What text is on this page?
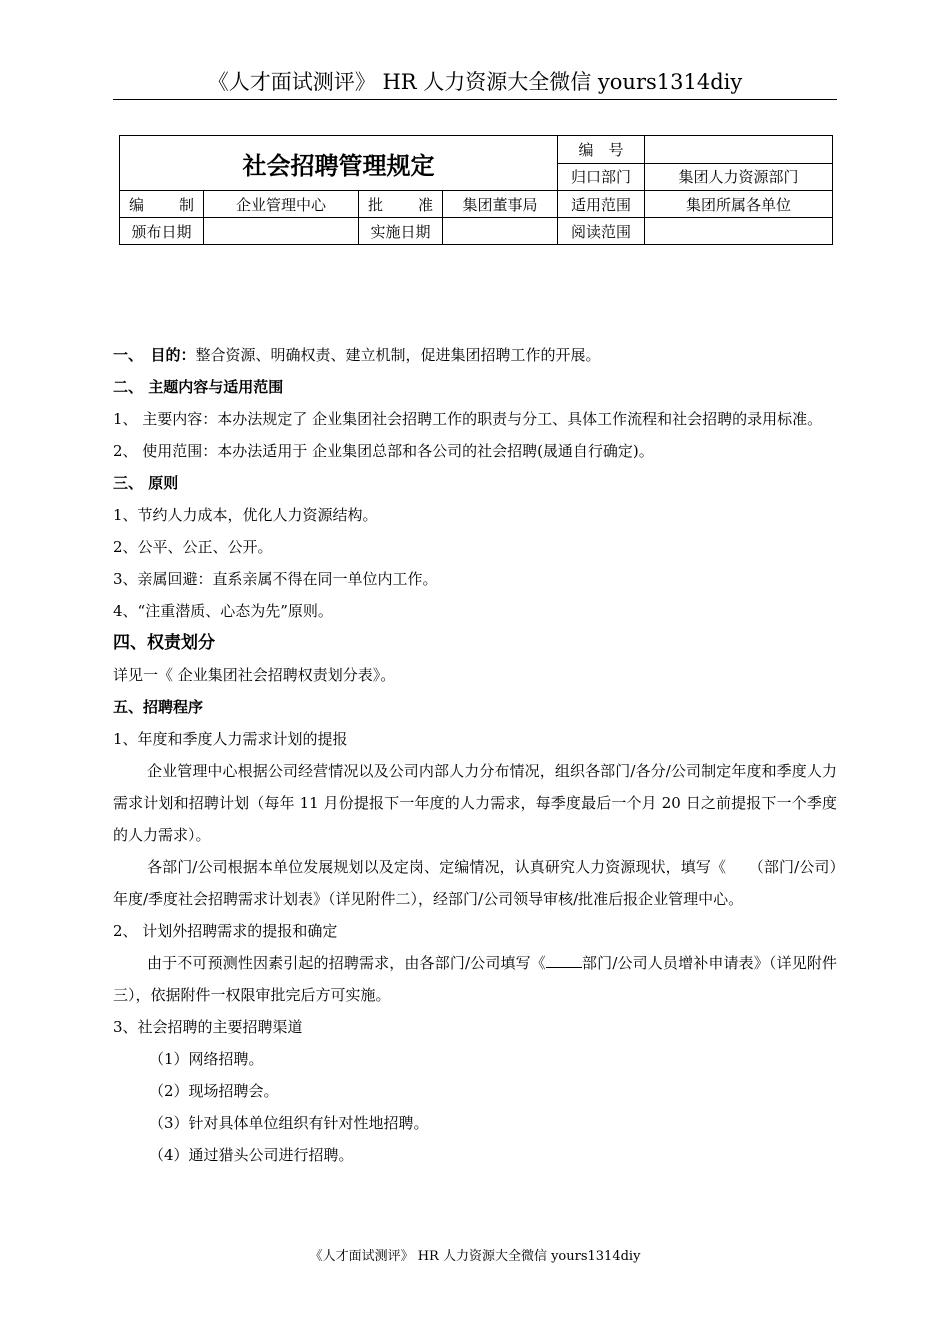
《人才面试测评》 HR 人力资源大全微信 yours1314diy
社会招聘管理规定				编　号	
				归口部门	集团人力资源部门
编制	企业管理中心	批准	集团董事局	适用范围	集团所属各单位
颁布日期		实施日期		阅读范围	

一、　目的：整合资源、明确权责、建立机制，促进集团招聘工作的开展。

二、 主题内容与适用范围

1、 主要内容：本办法规定了 企业集团社会招聘工作的职责与分工、具体工作流程和社会招聘的录用标准。

2、 使用范围：本办法适用于 企业集团总部和各公司的社会招聘(晟通自行确定)。

三、 原则

1、节约人力成本，优化人力资源结构。

2、公平、公正、公开。

3、亲属回避：直系亲属不得在同一单位内工作。

4、“注重潜质、心态为先”原则。

四、权责划分

详见一《 企业集团社会招聘权责划分表》。

五、招聘程序

1、年度和季度人力需求计划的提报

企业管理中心根据公司经营情况以及公司内部人力分布情况，组织各部门/各分/公司制定年度和季度人力需求计划和招聘计划（每年 11 月份提报下一年度的人力需求，每季度最后一个月 20 日之前提报下一个季度的人力需求）。

各部门/公司根据本单位发展规划以及定岗、定编情况，认真研究人力资源现状，填写《　　（部门/公司）　年度/季度社会招聘需求计划表》（详见附件二），经部门/公司领导审核/批准后报企业管理中心。

2、 计划外招聘需求的提报和确定

由于不可预测性因素引起的招聘需求，由各部门/公司填写《 部门/公司人员增补申请表》（详见附件三），依据附件一权限审批完后方可实施。

3、社会招聘的主要招聘渠道

（1）网络招聘。

（2）现场招聘会。

（3）针对具体单位组织有针对性地招聘。

（4）通过猎头公司进行招聘。

《人才面试测评》 HR 人力资源大全微信 yours1314diy
